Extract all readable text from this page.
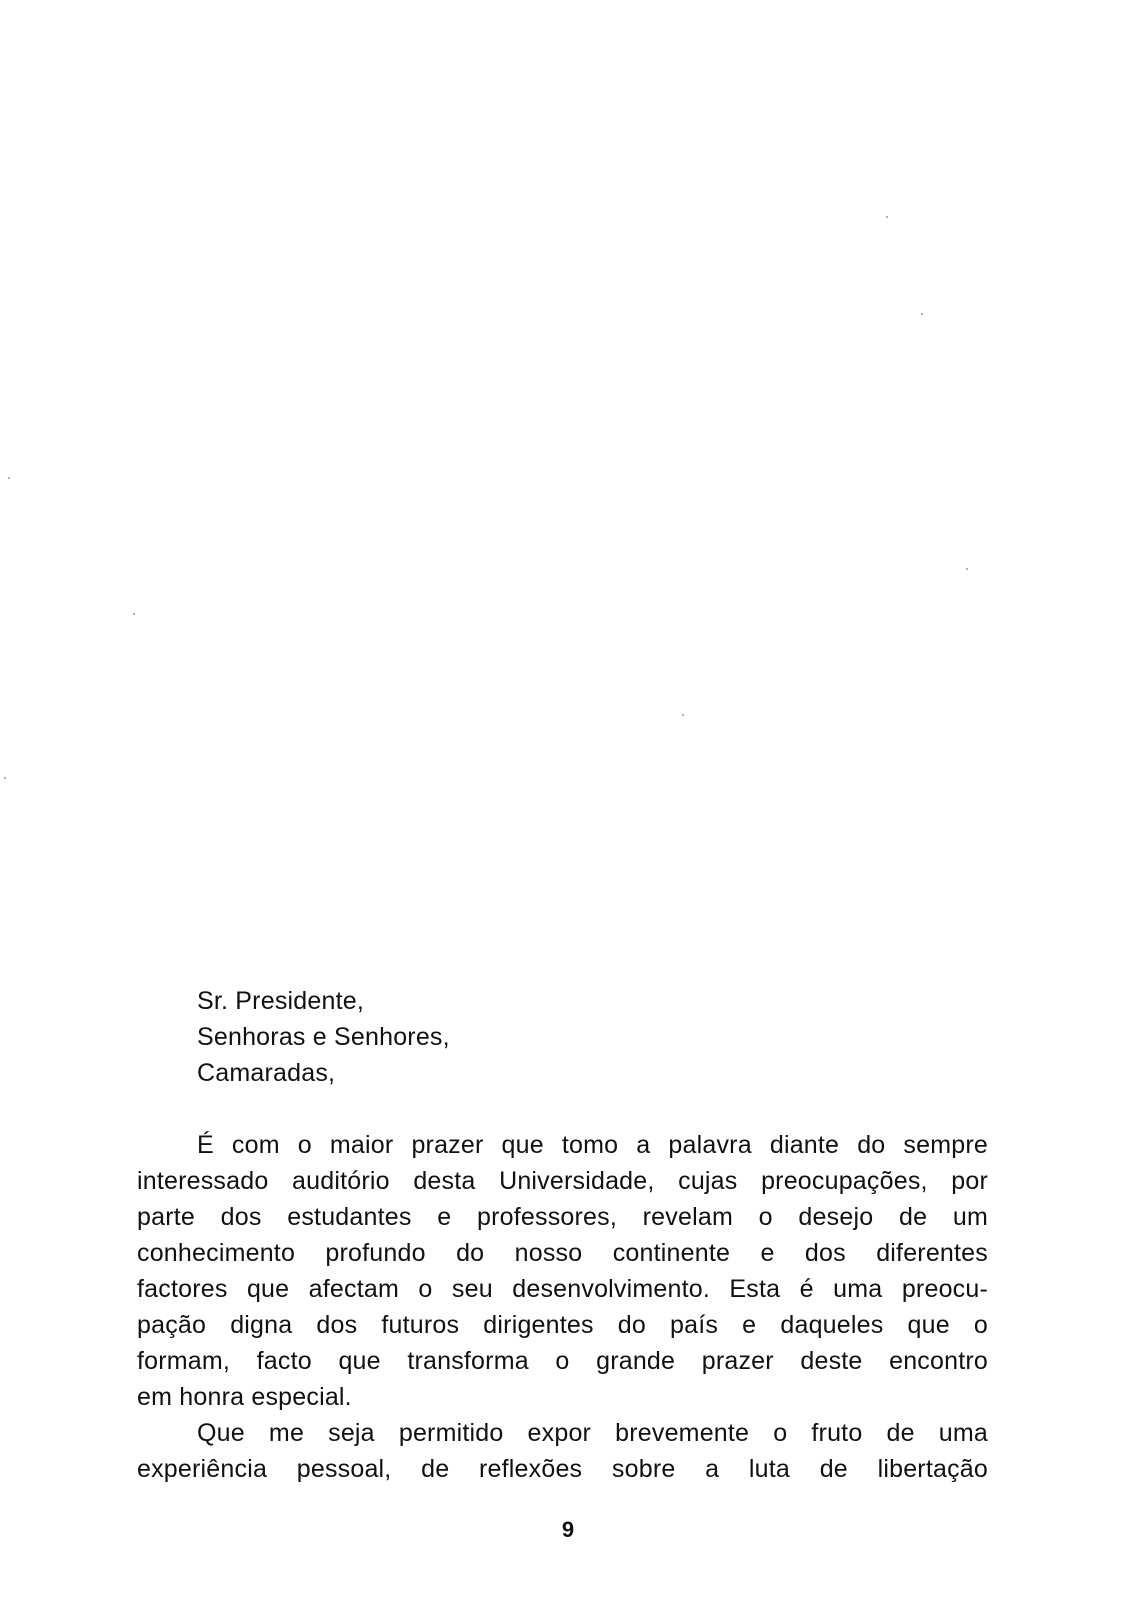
Sr. Presidente,
Senhoras e Senhores,
Camaradas,
É com o maior prazer que tomo a palavra diante do sempre
interessado auditório desta Universidade, cujas preocupações, por
parte dos estudantes e professores, revelam o desejo de um
conhecimento profundo do nosso continente e dos diferentes
factores que afectam o seu desenvolvimento. Esta é uma preocu-
pação digna dos futuros dirigentes do país e daqueles que o
formam, facto que transforma o grande prazer deste encontro
em honra especial.
Que me seja permitido expor brevemente o fruto de uma
experiência pessoal, de reflexões sobre a luta de libertação
9
